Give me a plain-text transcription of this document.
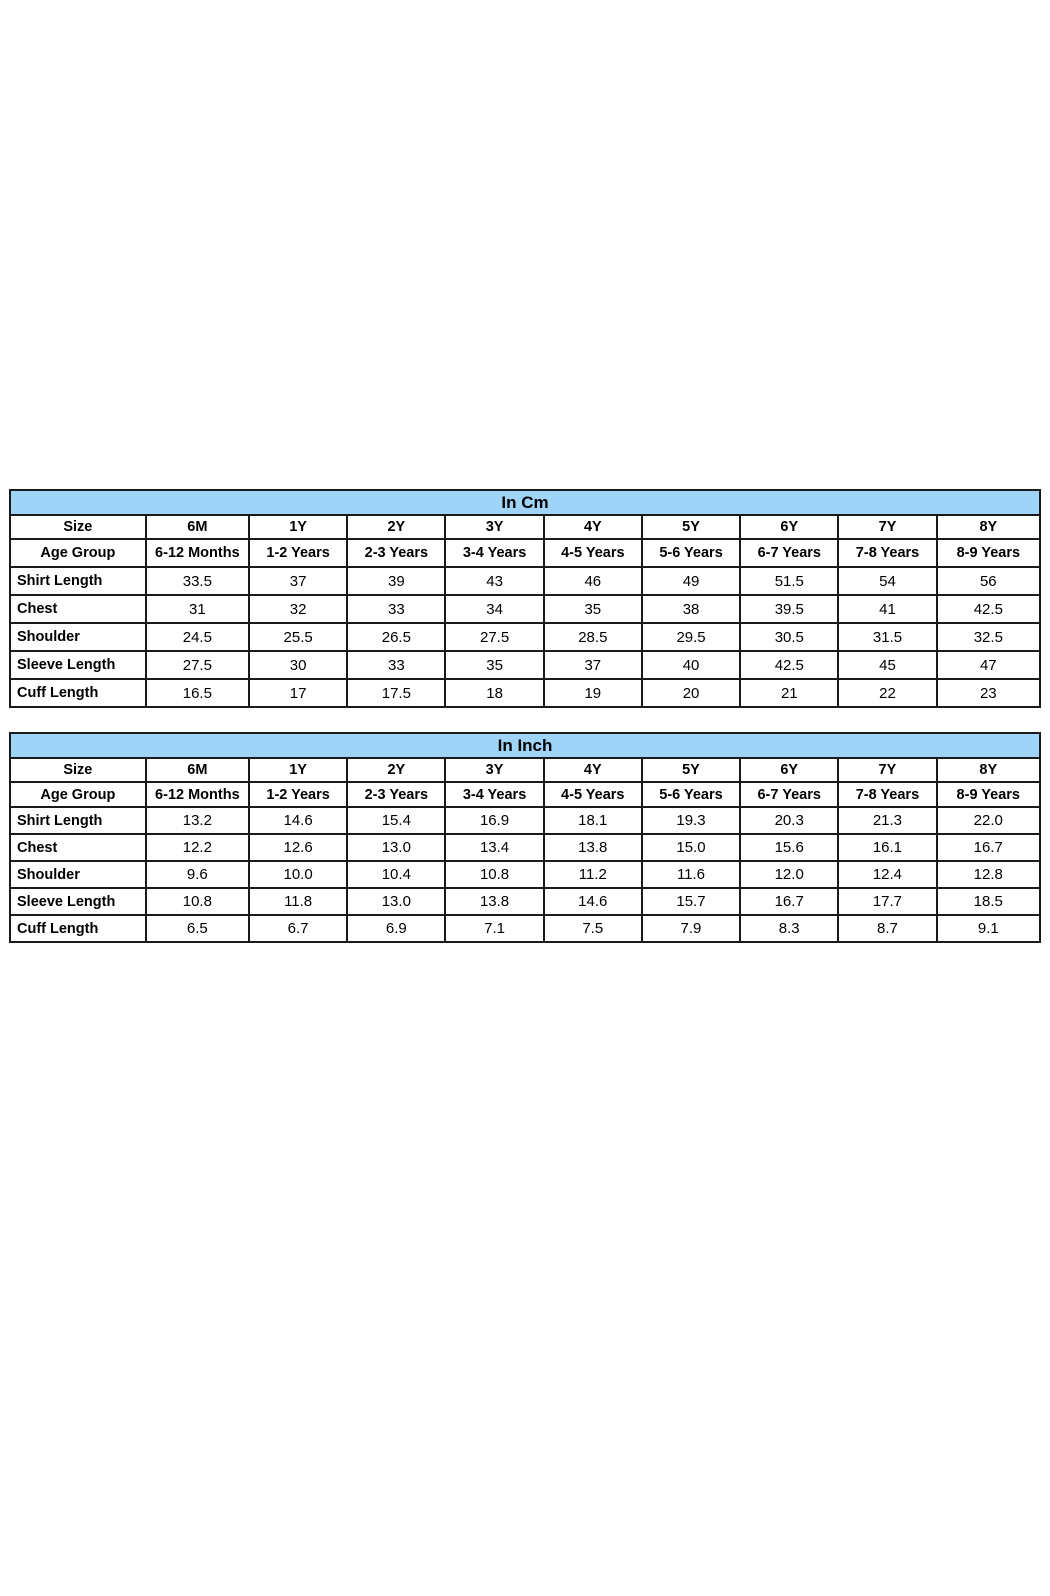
In Cm									
Size	6M	1Y	2Y	3Y	4Y	5Y	6Y	7Y	8Y
Age Group	6-12 Months	1-2 Years	2-3 Years	3-4 Years	4-5 Years	5-6 Years	6-7 Years	7-8 Years	8-9 Years
Shirt Length	33.5	37	39	43	46	49	51.5	54	56
Chest	31	32	33	34	35	38	39.5	41	42.5
Shoulder	24.5	25.5	26.5	27.5	28.5	29.5	30.5	31.5	32.5
Sleeve Length	27.5	30	33	35	37	40	42.5	45	47
Cuff Length	16.5	17	17.5	18	19	20	21	22	23
In Inch									
Size	6M	1Y	2Y	3Y	4Y	5Y	6Y	7Y	8Y
Age Group	6-12 Months	1-2 Years	2-3 Years	3-4 Years	4-5 Years	5-6 Years	6-7 Years	7-8 Years	8-9 Years
Shirt Length	13.2	14.6	15.4	16.9	18.1	19.3	20.3	21.3	22.0
Chest	12.2	12.6	13.0	13.4	13.8	15.0	15.6	16.1	16.7
Shoulder	9.6	10.0	10.4	10.8	11.2	11.6	12.0	12.4	12.8
Sleeve Length	10.8	11.8	13.0	13.8	14.6	15.7	16.7	17.7	18.5
Cuff Length	6.5	6.7	6.9	7.1	7.5	7.9	8.3	8.7	9.1
